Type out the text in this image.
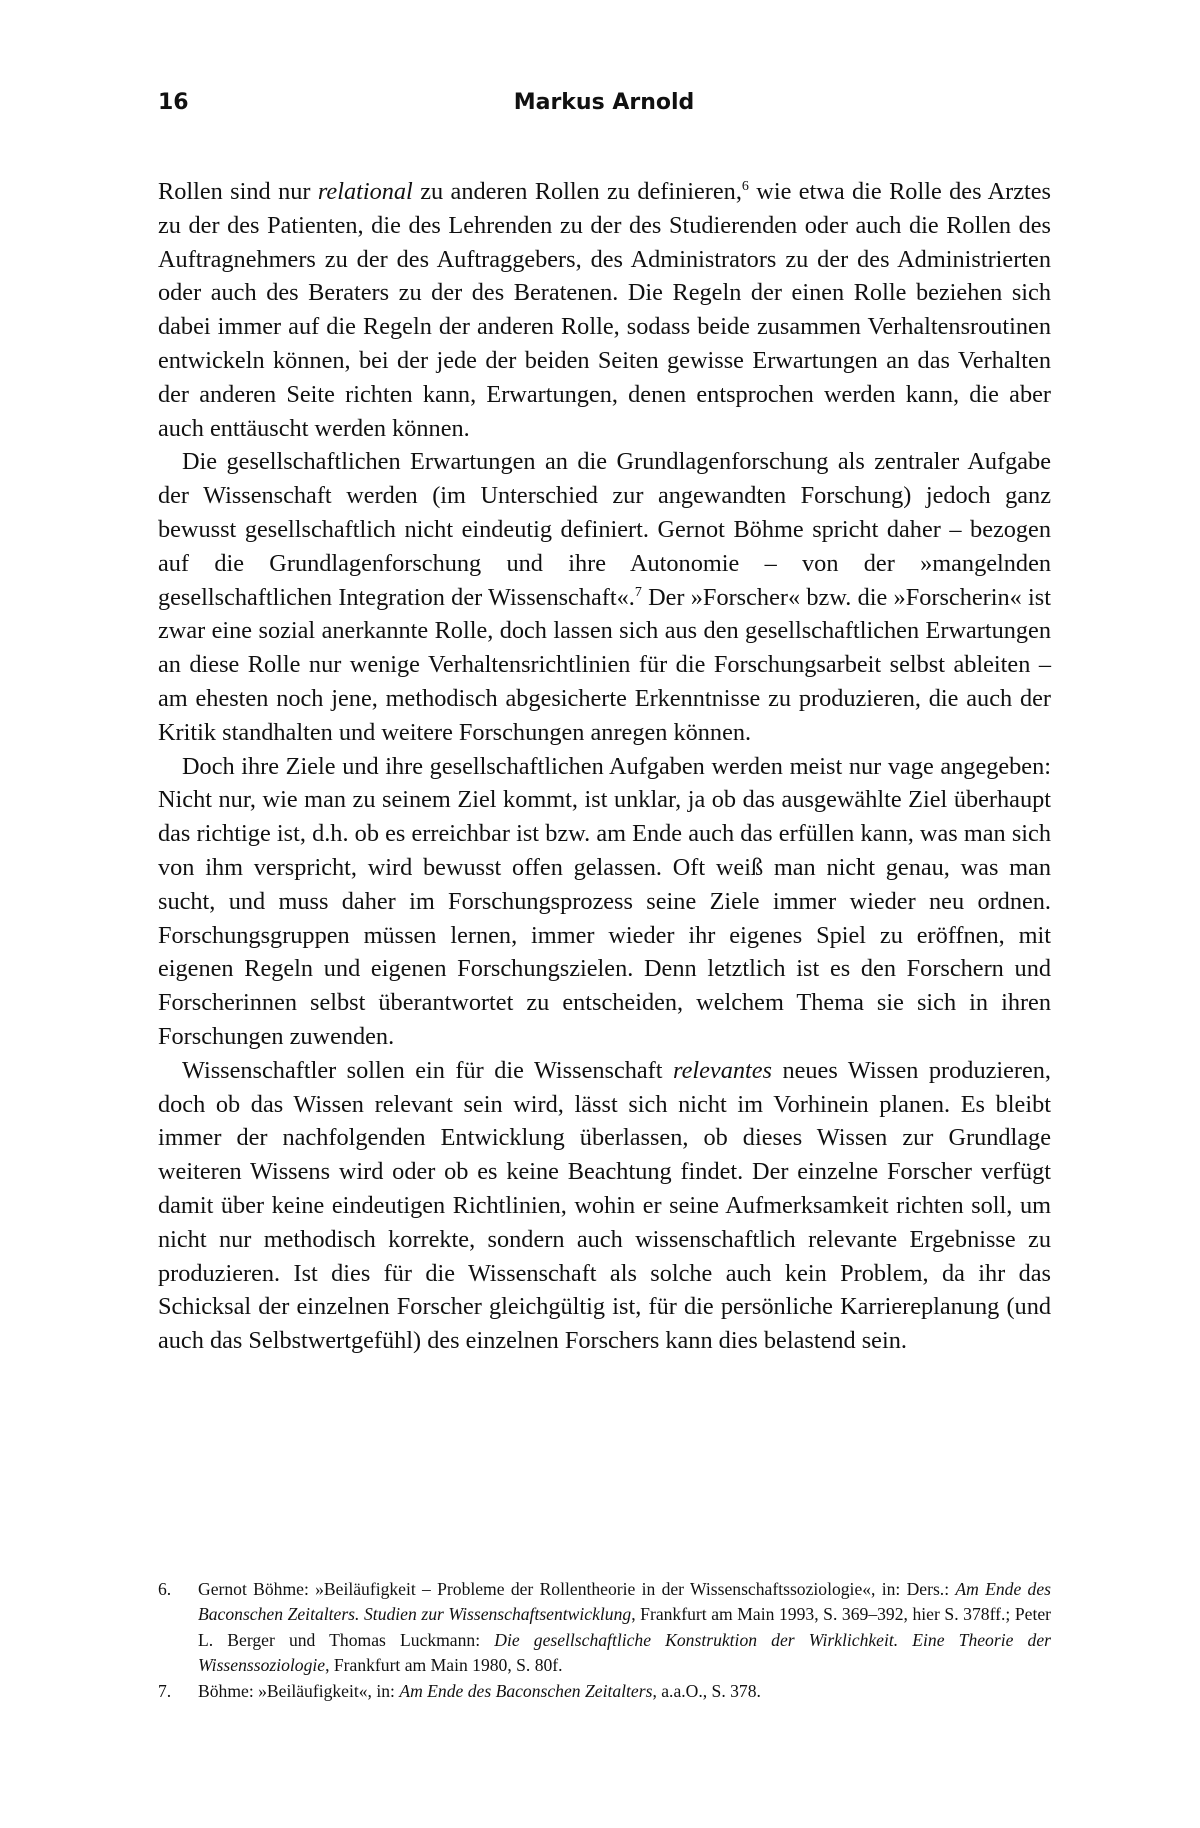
16	Markus Arnold

Rollen sind nur relational zu anderen Rollen zu definieren,$^6$ wie etwa die Rolle des Arztes zu der des Patienten, die des Lehrenden zu der des Studierenden oder auch die Rollen des Auftragnehmers zu der des Auftraggebers, des Administrators zu der des Administrierten oder auch des Beraters zu der des Beratenen. Die Regeln der einen Rolle beziehen sich dabei immer auf die Regeln der anderen Rolle, sodass beide zusammen Verhaltensroutinen entwickeln können, bei der jede der beiden Seiten gewisse Erwartungen an das Verhalten der anderen Seite richten kann, Erwartungen, denen entsprochen werden kann, die aber auch enttäuscht werden können.

Die gesellschaftlichen Erwartungen an die Grundlagenforschung als zentraler Aufgabe der Wissenschaft werden (im Unterschied zur angewandten Forschung) jedoch ganz bewusst gesellschaftlich nicht eindeutig definiert. Gernot Böhme spricht daher – bezogen auf die Grundlagenforschung und ihre Autonomie – von der »mangelnden gesellschaftlichen Integration der Wissenschaft«.$^7$ Der »Forscher« bzw. die »Forscherin« ist zwar eine sozial anerkannte Rolle, doch lassen sich aus den gesellschaftlichen Erwartungen an diese Rolle nur wenige Verhaltensrichtlinien für die Forschungsarbeit selbst ableiten – am ehesten noch jene, methodisch abgesicherte Erkenntnisse zu produzieren, die auch der Kritik standhalten und weitere Forschungen anregen können.

Doch ihre Ziele und ihre gesellschaftlichen Aufgaben werden meist nur vage angegeben: Nicht nur, wie man zu seinem Ziel kommt, ist unklar, ja ob das ausgewählte Ziel überhaupt das richtige ist, d.h. ob es erreichbar ist bzw. am Ende auch das erfüllen kann, was man sich von ihm verspricht, wird bewusst offen gelassen. Oft weiß man nicht genau, was man sucht, und muss daher im Forschungsprozess seine Ziele immer wieder neu ordnen. Forschungsgruppen müssen lernen, immer wieder ihr eigenes Spiel zu eröffnen, mit eigenen Regeln und eigenen Forschungszielen. Denn letztlich ist es den Forschern und Forscherinnen selbst überantwortet zu entscheiden, welchem Thema sie sich in ihren Forschungen zuwenden.

Wissenschaftler sollen ein für die Wissenschaft relevantes neues Wissen produzieren, doch ob das Wissen relevant sein wird, lässt sich nicht im Vorhinein planen. Es bleibt immer der nachfolgenden Entwicklung überlassen, ob dieses Wissen zur Grundlage weiteren Wissens wird oder ob es keine Beachtung findet. Der einzelne Forscher verfügt damit über keine eindeutigen Richtlinien, wohin er seine Aufmerksamkeit richten soll, um nicht nur methodisch korrekte, sondern auch wissenschaftlich relevante Ergebnisse zu produzieren. Ist dies für die Wissenschaft als solche auch kein Problem, da ihr das Schicksal der einzelnen Forscher gleichgültig ist, für die persönliche Karriereplanung (und auch das Selbstwertgefühl) des einzelnen Forschers kann dies belastend sein.

6.	Gernot Böhme: »Beiläufigkeit – Probleme der Rollentheorie in der Wissenschaftssoziologie«, in: Ders.: Am Ende des Baconschen Zeitalters. Studien zur Wissenschaftsentwicklung, Frankfurt am Main 1993, S. 369–392, hier S. 378ff.; Peter L. Berger und Thomas Luckmann: Die gesellschaftliche Konstruktion der Wirklichkeit. Eine Theorie der Wissenssoziologie, Frankfurt am Main 1980, S. 80f.
7.	Böhme: »Beiläufigkeit«, in: Am Ende des Baconschen Zeitalters, a.a.O., S. 378.
